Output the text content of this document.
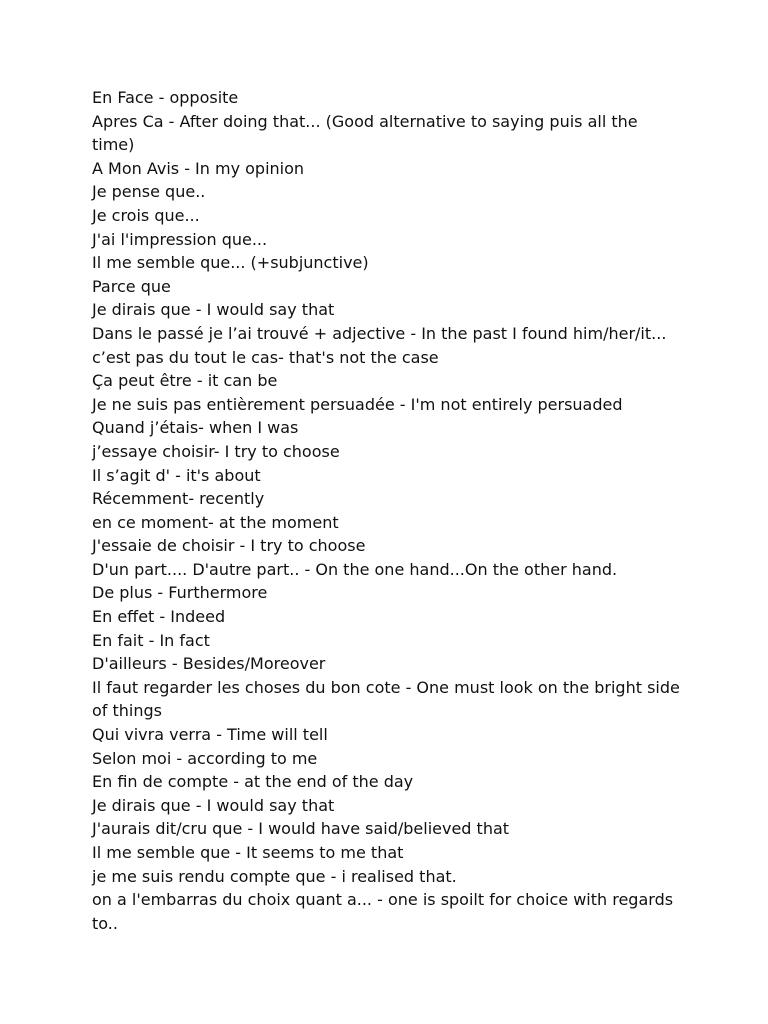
En Face - opposite
Apres Ca - After doing that... (Good alternative to saying puis all the time)
A Mon Avis - In my opinion
Je pense que..
Je crois que...
J'ai l'impression que...
Il me semble que... (+subjunctive)
Parce que
Je dirais que - I would say that
Dans le passé je l’ai trouvé + adjective - In the past I found him/her/it...
c’est pas du tout le cas- that's not the case
Ça peut être - it can be
Je ne suis pas entièrement persuadée - I'm not entirely persuaded
Quand j’étais- when I was
j’essaye choisir- I try to choose
Il s’agit d' - it's about
Récemment- recently
en ce moment- at the moment
J'essaie de choisir - I try to choose
D'un part.... D'autre part.. - On the one hand...On the other hand.
De plus - Furthermore
En effet - Indeed
En fait - In fact
D'ailleurs - Besides/Moreover
Il faut regarder les choses du bon cote - One must look on the bright side of things
Qui vivra verra - Time will tell
Selon moi - according to me
En fin de compte - at the end of the day
Je dirais que - I would say that
J'aurais dit/cru que - I would have said/believed that
Il me semble que - It seems to me that
je me suis rendu compte que - i realised that.
on a l'embarras du choix quant a... - one is spoilt for choice with regards to..
